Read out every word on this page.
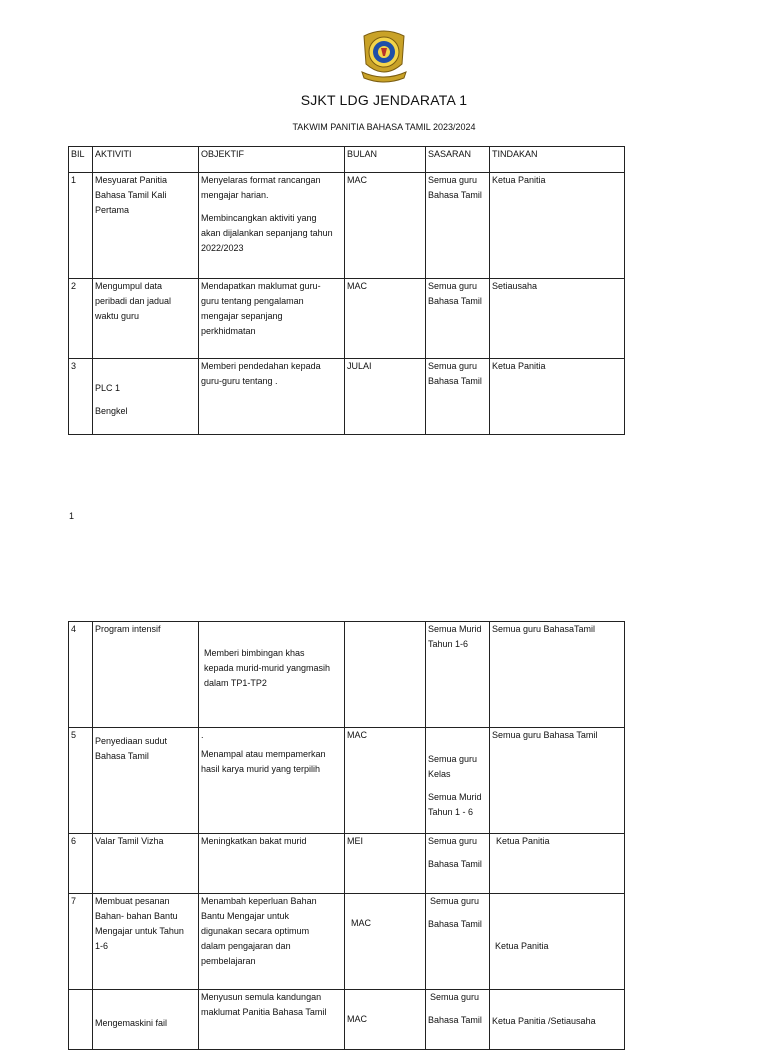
SJKT LDG JENDARATA 1
TAKWIM PANITIA BAHASA TAMIL 2023/2024
BIL	AKTIVITI	OBJEKTIF	BULAN	SASARAN	TINDAKAN

1	Mesyuarat Panitia
Bahasa Tamil Kali
Pertama	Menyelaras format rancangan
mengajar harian.
Membincangkan aktiviti yang
akan dijalankan sepanjang tahun
2022/2023	MAC	Semua guru
Bahasa Tamil	Ketua Panitia

2	Mengumpul data
peribadi dan jadual
waktu guru	Mendapatkan maklumat guru-
guru tentang pengalaman
mengajar sepanjang
perkhidmatan	MAC	Semua guru
Bahasa Tamil	Setiausaha

3	PLC 1
Bengkel	Memberi pendedahan kepada
guru-guru tentang .	JULAI	Semua guru
Bahasa Tamil	Ketua Panitia
1
4	Program intensif	Memberi bimbingan khas
kepada murid-murid yangmasih
dalam TP1-TP2		Semua Murid
Tahun 1-6	Semua guru BahasaTamil

5	Penyediaan sudut
Bahasa Tamil	.
Menampal atau mempamerkan
hasil karya murid yang terpilih	MAC	Semua guru
Kelas
Semua Murid
Tahun 1 - 6	Semua guru Bahasa Tamil

6	Valar Tamil Vizha	Meningkatkan bakat murid	MEI	Semua guru
Bahasa Tamil	Ketua Panitia

7	Membuat pesanan
Bahan- bahan Bantu
Mengajar untuk Tahun
1-6	Menambah keperluan Bahan
Bantu Mengajar untuk
digunakan secara optimum
dalam pengajaran dan
pembelajaran	MAC	Semua guru
Bahasa Tamil	Ketua Panitia

	Mengemaskini fail	Menyusun semula kandungan
maklumat Panitia Bahasa Tamil	MAC	Semua guru
Bahasa Tamil	Ketua Panitia /Setiausaha
